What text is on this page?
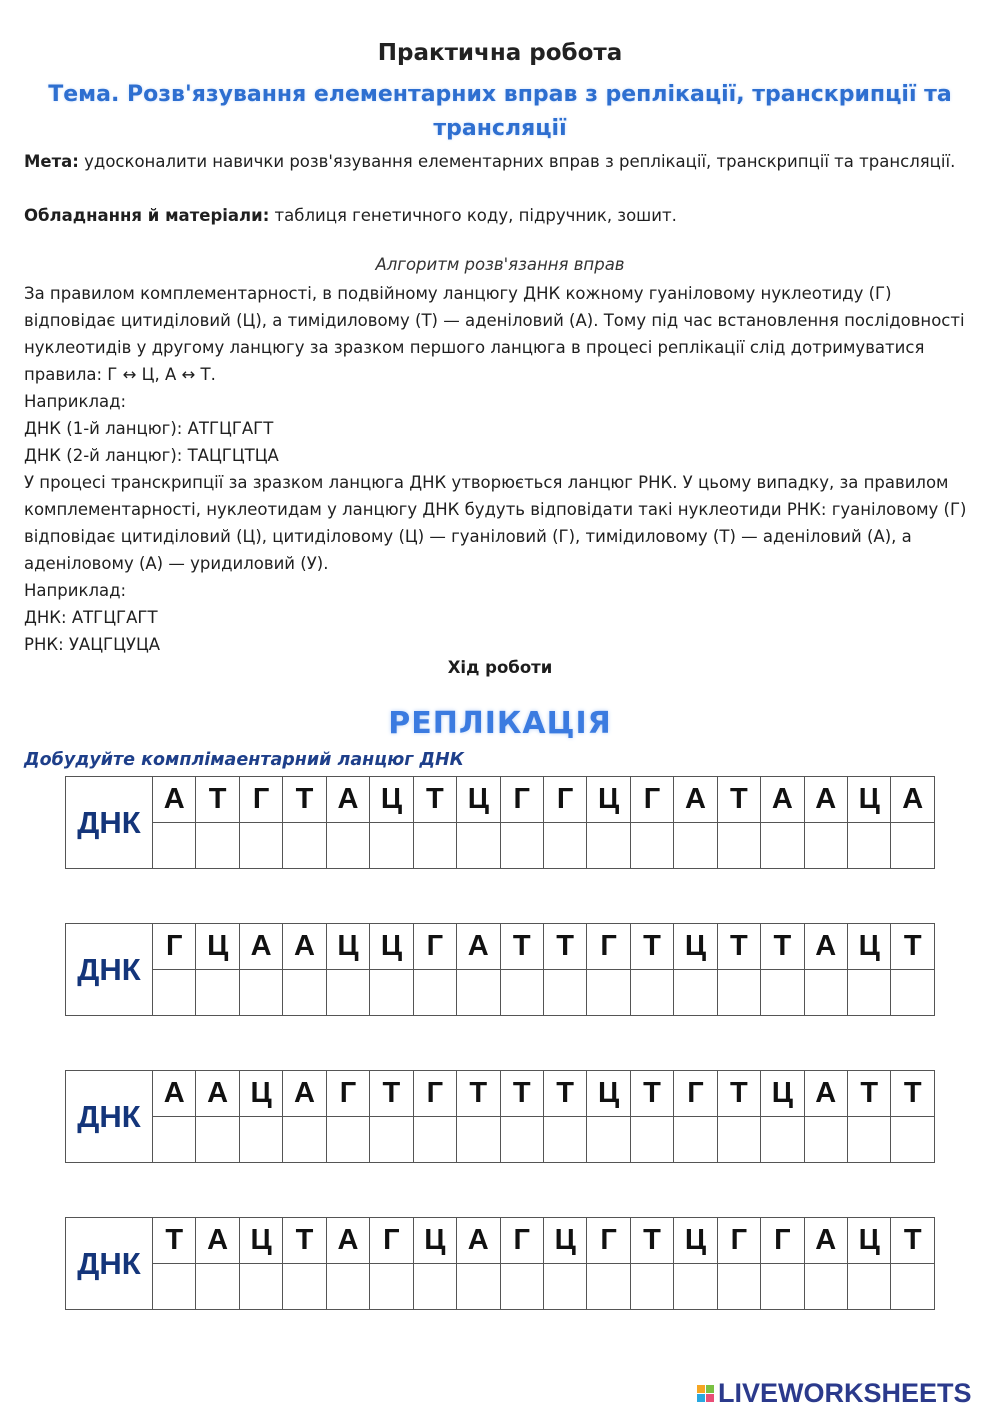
Практична робота
Тема. Розв'язування елементарних вправ з реплікації, транскрипції та трансляції
Мета: удосконалити навички розв'язування елементарних вправ з реплікації, транскрипції та трансляції.
Обладнання й матеріали: таблиця генетичного коду, підручник, зошит.
Алгоритм розв'язання вправ
За правилом комплементарності, в подвійному ланцюгу ДНК кожному гуаніловому нуклеотиду (Г) відповідає цитиділовий (Ц), а тимідиловому (Т) — аденіловий (А). Тому під час встановлення послідовності нуклеотидів у другому ланцюгу за зразком першого ланцюга в процесі реплікації слід дотримуватися правила: Г ↔ Ц, А ↔ Т.
Наприклад:
ДНК (1-й ланцюг): АТГЦГАГТ
ДНК (2-й ланцюг): ТАЦГЦТЦА
У процесі транскрипції за зразком ланцюга ДНК утворюється ланцюг РНК. У цьому випадку, за правилом комплементарності, нуклеотидам у ланцюгу ДНК будуть відповідати такі нуклеотиди РНК: гуаніловому (Г) відповідає цитиділовий (Ц), цитиділовому (Ц) — гуаніловий (Г), тимідиловому (Т) — аденіловий (А), а аденіловому (А) — уридиловий (У).
Наприклад:
ДНК: АТГЦГАГТ
РНК: УАЦГЦУЦА
Хід роботи
РЕПЛІКАЦІЯ
Добудуйте комплімаентарний ланцюг ДНК
ДНК	А	Т	Г	Т	А	Ц	Т	Ц	Г	Г	Ц	Г	А	Т	А	А	Ц	А

ДНК	Г	Ц	А	А	Ц	Ц	Г	А	Т	Т	Г	Т	Ц	Т	Т	А	Ц	Т

ДНК	А	А	Ц	А	Г	Т	Г	Т	Т	Т	Ц	Т	Г	Т	Ц	А	Т	Т

ДНК	Т	А	Ц	Т	А	Г	Ц	А	Г	Ц	Г	Т	Ц	Г	Г	А	Ц	Т

LIVEWORKSHEETS
